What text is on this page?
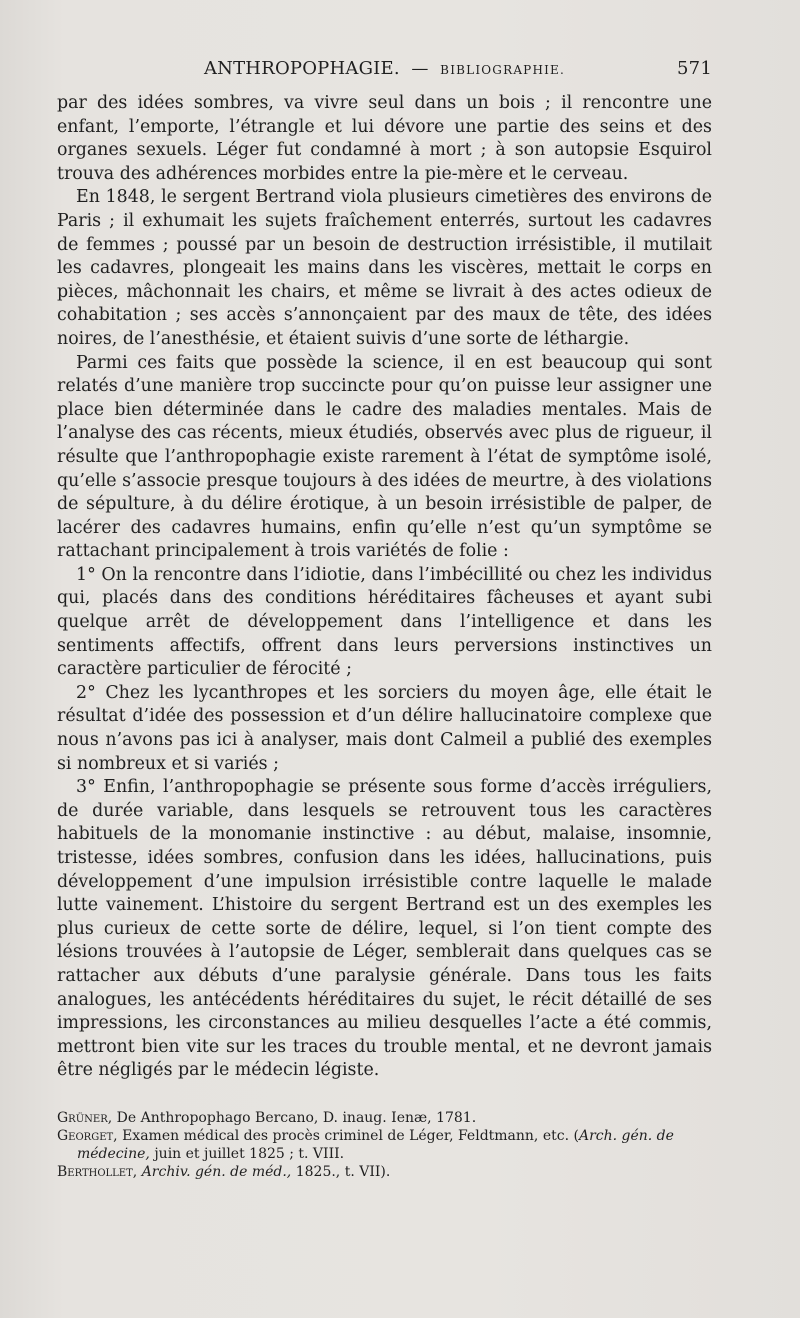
ANTHROPOPHAGIE. — BIBLIOGRAPHIE.	571

par des idées sombres, va vivre seul dans un bois ; il rencontre une enfant, l’emporte, l’étrangle et lui dévore une partie des seins et des organes sexuels. Léger fut condamné à mort ; à son autopsie Esquirol trouva des adhérences morbides entre la pie-mère et le cerveau.

En 1848, le sergent Bertrand viola plusieurs cimetières des environs de Paris ; il exhumait les sujets fraîchement enterrés, surtout les cadavres de femmes ; poussé par un besoin de destruction irrésistible, il mutilait les cadavres, plongeait les mains dans les viscères, mettait le corps en pièces, mâchonnait les chairs, et même se livrait à des actes odieux de cohabitation ; ses accès s’annonçaient par des maux de tête, des idées noires, de l’anesthésie, et étaient suivis d’une sorte de léthargie.

Parmi ces faits que possède la science, il en est beaucoup qui sont relatés d’une manière trop succincte pour qu’on puisse leur assigner une place bien déterminée dans le cadre des maladies mentales. Mais de l’analyse des cas récents, mieux étudiés, observés avec plus de rigueur, il résulte que l’anthropophagie existe rarement à l’état de symptôme isolé, qu’elle s’associe presque toujours à des idées de meurtre, à des violations de sépulture, à du délire érotique, à un besoin irrésistible de palper, de lacérer des cadavres humains, enfin qu’elle n’est qu’un symptôme se rattachant principalement à trois variétés de folie :

1° On la rencontre dans l’idiotie, dans l’imbécillité ou chez les individus qui, placés dans des conditions héréditaires fâcheuses et ayant subi quelque arrêt de développement dans l’intelligence et dans les sentiments affectifs, offrent dans leurs perversions instinctives un caractère particulier de férocité ;

2° Chez les lycanthropes et les sorciers du moyen âge, elle était le résultat d’idée des possession et d’un délire hallucinatoire complexe que nous n’avons pas ici à analyser, mais dont Calmeil a publié des exemples si nombreux et si variés ;

3° Enfin, l’anthropophagie se présente sous forme d’accès irréguliers, de durée variable, dans lesquels se retrouvent tous les caractères habituels de la monomanie instinctive : au début, malaise, insomnie, tristesse, idées sombres, confusion dans les idées, hallucinations, puis développement d’une impulsion irrésistible contre laquelle le malade lutte vainement. L’histoire du sergent Bertrand est un des exemples les plus curieux de cette sorte de délire, lequel, si l’on tient compte des lésions trouvées à l’autopsie de Léger, semblerait dans quelques cas se rattacher aux débuts d’une paralysie générale. Dans tous les faits analogues, les antécédents héréditaires du sujet, le récit détaillé de ses impressions, les circonstances au milieu desquelles l’acte a été commis, mettront bien vite sur les traces du trouble mental, et ne devront jamais être négligés par le médecin légiste.

Grüner, De Anthropophago Bercano, D. inaug. Ienæ, 1781.

Georget, Examen médical des procès criminel de Léger, Feldtmann, etc. (Arch. gén. de médecine, juin et juillet 1825 ; t. VIII.

Berthollet, Archiv. gén. de méd., 1825., t. VII).
